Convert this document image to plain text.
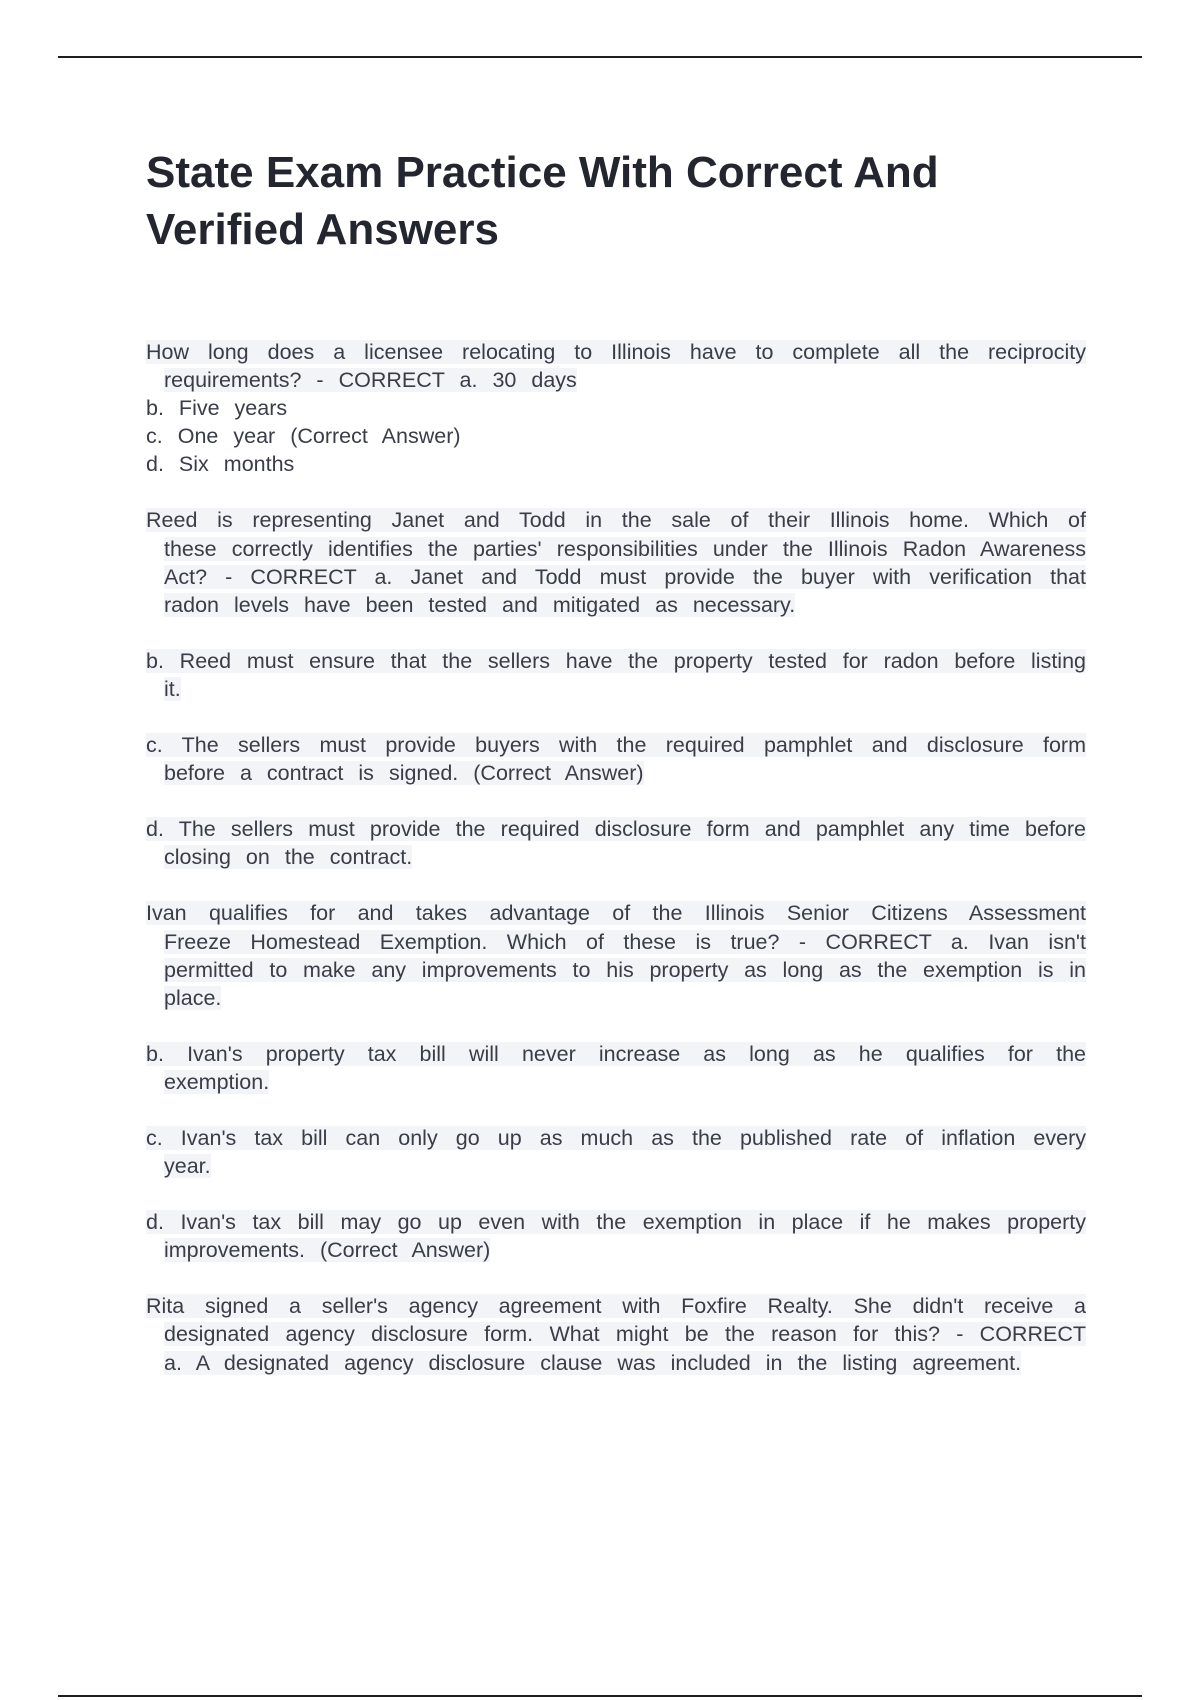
State Exam Practice With Correct And Verified Answers

How long does a licensee relocating to Illinois have to complete all the reciprocity requirements? - CORRECT a. 30 days

b. Five years
c. One year (Correct Answer)
d. Six months

Reed is representing Janet and Todd in the sale of their Illinois home. Which of these correctly identifies the parties' responsibilities under the Illinois Radon Awareness Act? - CORRECT a. Janet and Todd must provide the buyer with verification that radon levels have been tested and mitigated as necessary.

b. Reed must ensure that the sellers have the property tested for radon before listing it.

c. The sellers must provide buyers with the required pamphlet and disclosure form before a contract is signed. (Correct Answer)

d. The sellers must provide the required disclosure form and pamphlet any time before closing on the contract.

Ivan qualifies for and takes advantage of the Illinois Senior Citizens Assessment Freeze Homestead Exemption. Which of these is true? - CORRECT a. Ivan isn't permitted to make any improvements to his property as long as the exemption is in place.

b. Ivan's property tax bill will never increase as long as he qualifies for the exemption.

c. Ivan's tax bill can only go up as much as the published rate of inflation every year.

d. Ivan's tax bill may go up even with the exemption in place if he makes property improvements. (Correct Answer)

Rita signed a seller's agency agreement with Foxfire Realty. She didn't receive a designated agency disclosure form. What might be the reason for this? - CORRECT a. A designated agency disclosure clause was included in the listing agreement.
